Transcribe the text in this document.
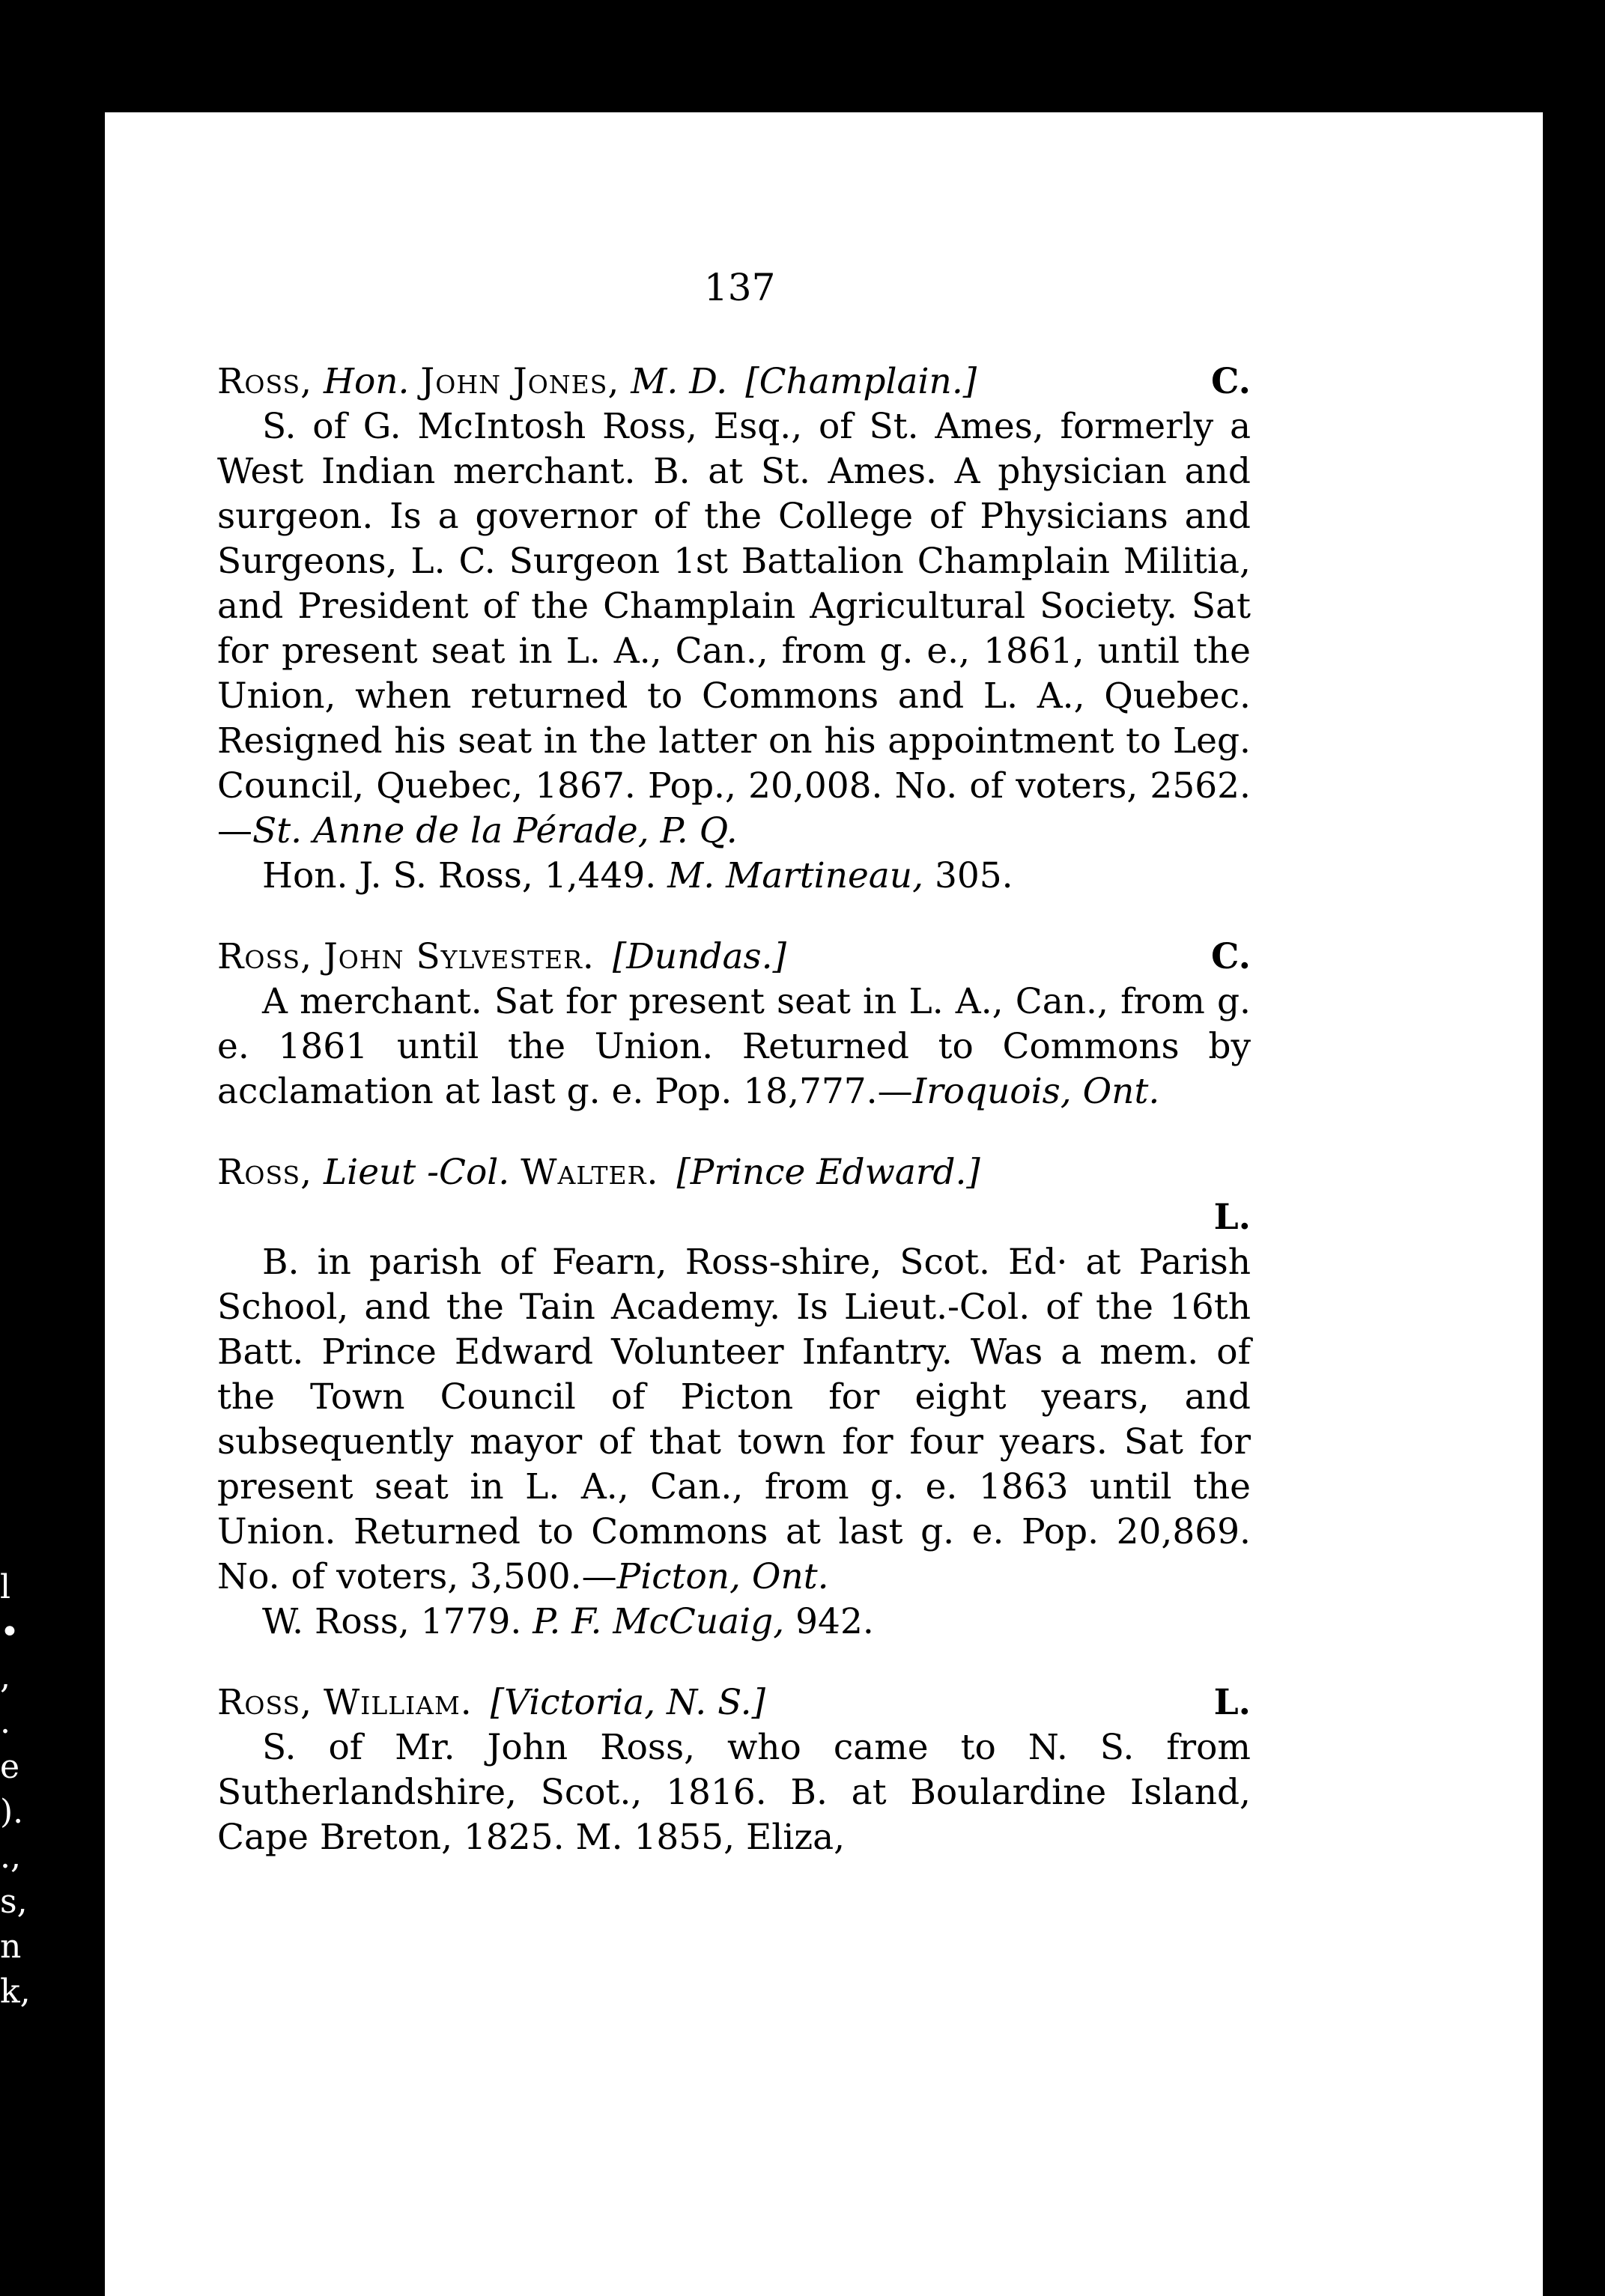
l
•
,
.
e
).
.,
s,
n
k,
137
Ross, Hon. John Jones, M. D. [Champlain.]	C.
S. of G. McIntosh Ross, Esq., of St. Ames, formerly a West Indian merchant. B. at St. Ames. A physician and surgeon. Is a governor of the College of Physicians and Surgeons, L. C. Surgeon 1st Battalion Champlain Militia, and President of the Champlain Agricultural Society. Sat for present seat in L. A., Can., from g. e., 1861, until the Union, when returned to Commons and L. A., Quebec. Resigned his seat in the latter on his appointment to Leg. Council, Quebec, 1867. Pop., 20,008. No. of voters, 2562.—St. Anne de la Pérade, P. Q.
Hon. J. S. Ross, 1,449. M. Martineau, 305.
Ross, John Sylvester. [Dundas.]	C.
A merchant. Sat for present seat in L. A., Can., from g. e. 1861 until the Union. Returned to Commons by acclamation at last g. e. Pop. 18,777.—Iroquois, Ont.
Ross, Lieut -Col. Walter. [Prince Edward.]
L.
B. in parish of Fearn, Ross-shire, Scot. Ed· at Parish School, and the Tain Academy. Is Lieut.-Col. of the 16th Batt. Prince Edward Volunteer Infantry. Was a mem. of the Town Council of Picton for eight years, and subsequently mayor of that town for four years. Sat for present seat in L. A., Can., from g. e. 1863 until the Union. Returned to Commons at last g. e. Pop. 20,869. No. of voters, 3,500.—Picton, Ont.
W. Ross, 1779. P. F. McCuaig, 942.
Ross, William. [Victoria, N. S.]	L.
S. of Mr. John Ross, who came to N. S. from Sutherlandshire, Scot., 1816. B. at Boulardine Island, Cape Breton, 1825. M. 1855, Eliza,
